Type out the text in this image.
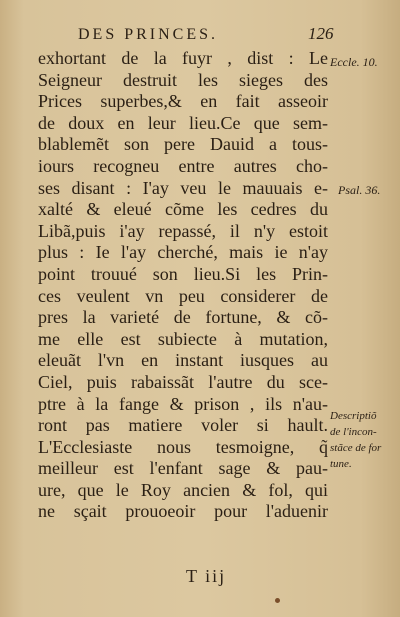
DES PRINCES.	126
exhortant de la fuyr , dist : Le
Seigneur destruit les sieges des
Prices superbes,& en fait asseoir
de doux en leur lieu.Ce que sem-
blablemẽt son pere Dauid a tous-
iours recogneu entre autres cho-
ses disant : I'ay veu le mauuais e-
xalté & eleué cõme les cedres du
Libã,puis i'ay repassé, il n'y estoit
plus : Ie l'ay cherché, mais ie n'ay
point trouué son lieu.Si les Prin-
ces veulent vn peu considerer de
pres la varieté de fortune, & cõ-
me elle est subiecte à mutation,
eleuãt l'vn en instant iusques au
Ciel, puis rabaissãt l'autre du sce-
ptre à la fange & prison , ils n'au-
ront pas matiere voler si hault.
L'Ecclesiaste nous tesmoigne, q̃
meilleur est l'enfant sage & pau-
ure, que le Roy ancien & fol, qui
ne sçait prouoeoir pour l'aduenir
Eccle. 10.
Psal. 36.
Descriptiõ
de l'incon-
stãce de for
tune.
T iij
